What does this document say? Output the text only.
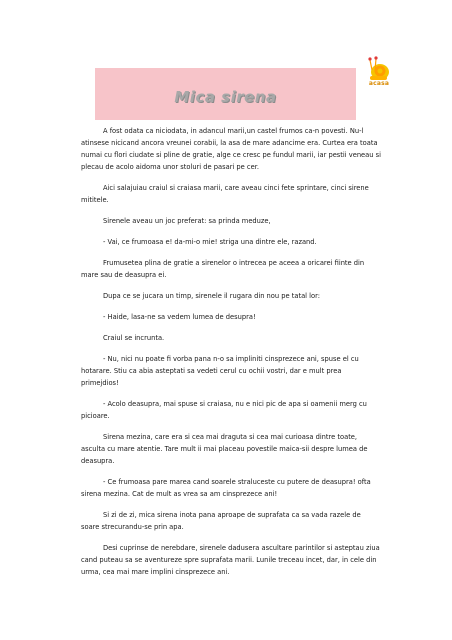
acasa
Mica sirena

A fost odata ca niciodata, in adancul marii,un castel frumos ca-n povesti. Nu-l atinsese nicicand ancora vreunei corabii, la asa de mare adancime era. Curtea era toata numai cu flori ciudate si pline de gratie, alge ce cresc pe fundul marii, iar pestii veneau si plecau de acolo aidoma unor stoluri de pasari pe cer.

Aici salajuiau craiul si craiasa marii, care aveau cinci fete sprintare, cinci sirene mititele.

Sirenele aveau un joc preferat: sa prinda meduze,

- Vai, ce frumoasa e! da-mi-o mie! striga una dintre ele, razand.

Frumusetea plina de gratie a sirenelor o intrecea pe aceea a oricarei fiinte din mare sau de deasupra ei.

Dupa ce se jucara un timp, sirenele il rugara din nou pe tatal lor:

- Haide, lasa-ne sa vedem lumea de desupra!

Craiul se incrunta.

- Nu, nici nu poate fi vorba pana n-o sa impliniti cinsprezece ani, spuse el cu hotarare. Stiu ca abia asteptati sa vedeti cerul cu ochii vostri, dar e mult prea primejdios!

- Acolo deasupra, mai spuse si craiasa, nu e nici pic de apa si oamenii merg cu picioare.

Sirena mezina, care era si cea mai draguta si cea mai curioasa dintre toate, asculta cu mare atentie. Tare mult ii mai placeau povestile maica-sii despre lumea de deasupra.

- Ce frumoasa pare marea cand soarele straluceste cu putere de deasupra! ofta sirena mezina. Cat de mult as vrea sa am cinsprezece ani!

Si zi de zi, mica sirena inota pana aproape de suprafata ca sa vada razele de soare strecurandu-se prin apa.

Desi cuprinse de nerebdare, sirenele dadusera ascultare parintilor si asteptau ziua cand puteau sa se aventureze spre suprafata marii. Lunile treceau incet, dar, in cele din urma, cea mai mare implini cinsprezece ani.
